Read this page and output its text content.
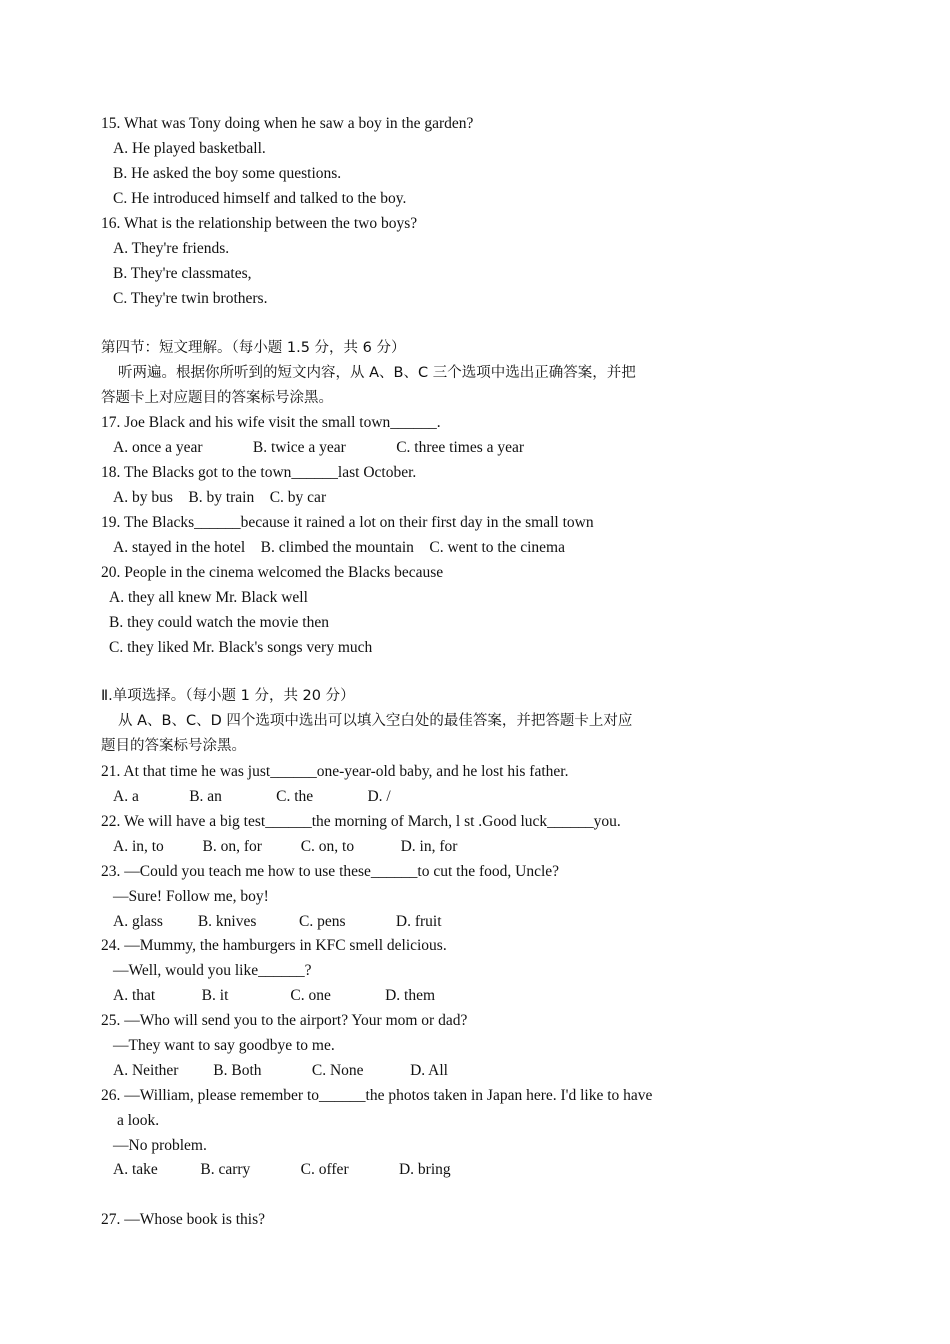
15. What was Tony doing when he saw a boy in the garden?
A. He played basketball.
B. He asked the boy some questions.
C. He introduced himself and talked to the boy.
16. What is the relationship between the two boys?
A. They're friends.
B. They're classmates,
C. They're twin brothers.
第四节：短文理解。（每小题 1.5 分，共 6 分）
听两遍。根据你所听到的短文内容，从 A、B、C 三个选项中选出正确答案，并把
答题卡上对应题目的答案标号涂黑。
17. Joe Black and his wife visit the small town______.
A. once a year             B. twice a year             C. three times a year
18. The Blacks got to the town______last October.
A. by bus    B. by train    C. by car
19. The Blacks______because it rained a lot on their first day in the small town
A. stayed in the hotel    B. climbed the mountain    C. went to the cinema
20. People in the cinema welcomed the Blacks because
A. they all knew Mr. Black well
B. they could watch the movie then
C. they liked Mr. Black's songs very much
Ⅱ.单项选择。（每小题 1 分，共 20 分）
从 A、B、C、D 四个选项中选出可以填入空白处的最佳答案，并把答题卡上对应
题目的答案标号涂黑。
21. At that time he was just______one-year-old baby, and he lost his father.
A. a             B. an              C. the              D. /
22. We will have a big test______the morning of March, l st .Good luck______you.
A. in, to          B. on, for          C. on, to            D. in, for
23. —Could you teach me how to use these______to cut the food, Uncle?
—Sure! Follow me, boy!
A. glass         B. knives           C. pens             D. fruit
24. —Mummy, the hamburgers in KFC smell delicious.
—Well, would you like______?
A. that            B. it                C. one              D. them
25. —Who will send you to the airport? Your mom or dad?
—They want to say goodbye to me.
A. Neither         B. Both             C. None            D. All
26. —William, please remember to______the photos taken in Japan here. I'd like to have
a look.
—No problem.
A. take           B. carry             C. offer             D. bring
27. —Whose book is this?
